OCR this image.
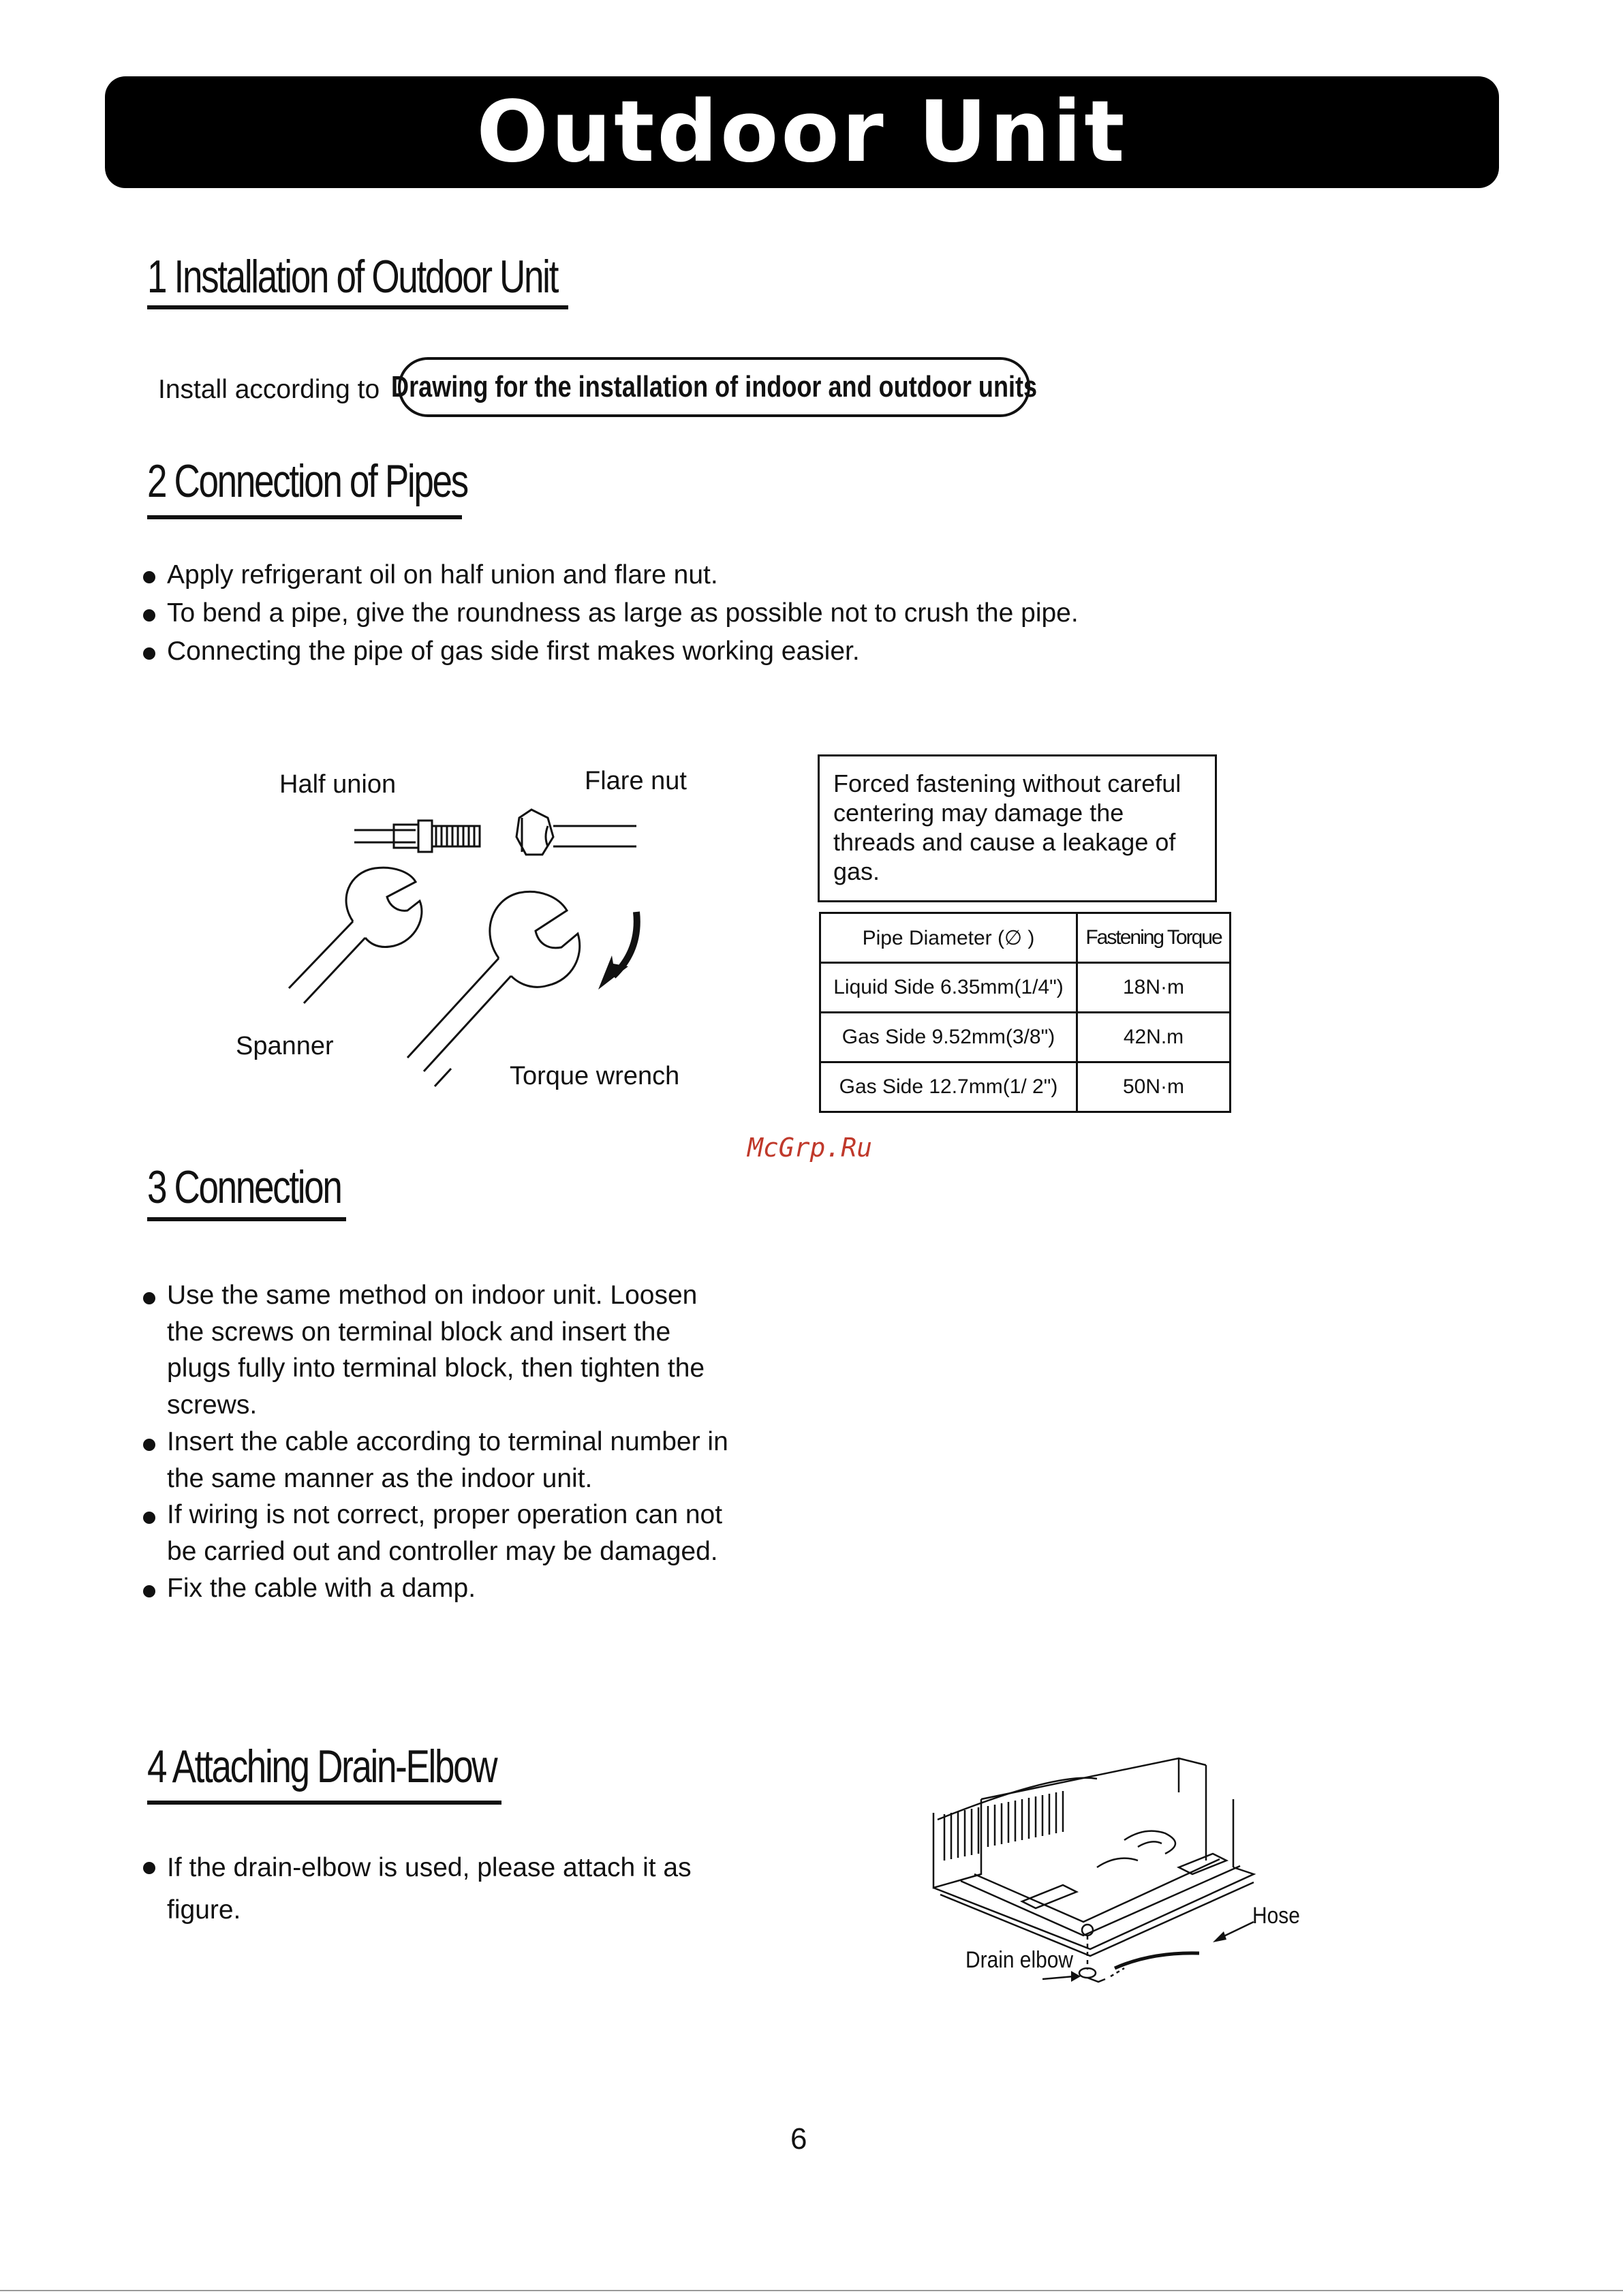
Outdoor Unit
1 Installation of Outdoor Unit
Install according to Drawing for the installation of indoor and outdoor units
2 Connection of Pipes
Apply refrigerant oil on half union and flare nut.
To bend a pipe, give the roundness as large as possible not to crush the pipe.
Connecting the pipe of gas side first makes working easier.
Half union	Flare nut
Spanner
Torque wrench
Forced fastening without careful centering may damage the threads and cause a leakage of gas.
Pipe Diameter (∅ )	Fastening Torque
Liquid Side 6.35mm(1/4")	18N·m
Gas Side 9.52mm(3/8")	42N.m
Gas Side 12.7mm(1/ 2")	50N·m
McGrp.Ru
3 Connection
Use the same method on indoor unit. Loosen the screws on terminal block and insert the plugs fully into terminal block, then tighten the screws.
Insert the cable according to terminal number in the same manner as the indoor unit.
If wiring is not correct, proper operation can not be carried out and controller may be damaged.
Fix the cable with a damp.
4 Attaching Drain-Elbow
If the drain-elbow is used, please attach it as figure.	Hose
Drain elbow
6
